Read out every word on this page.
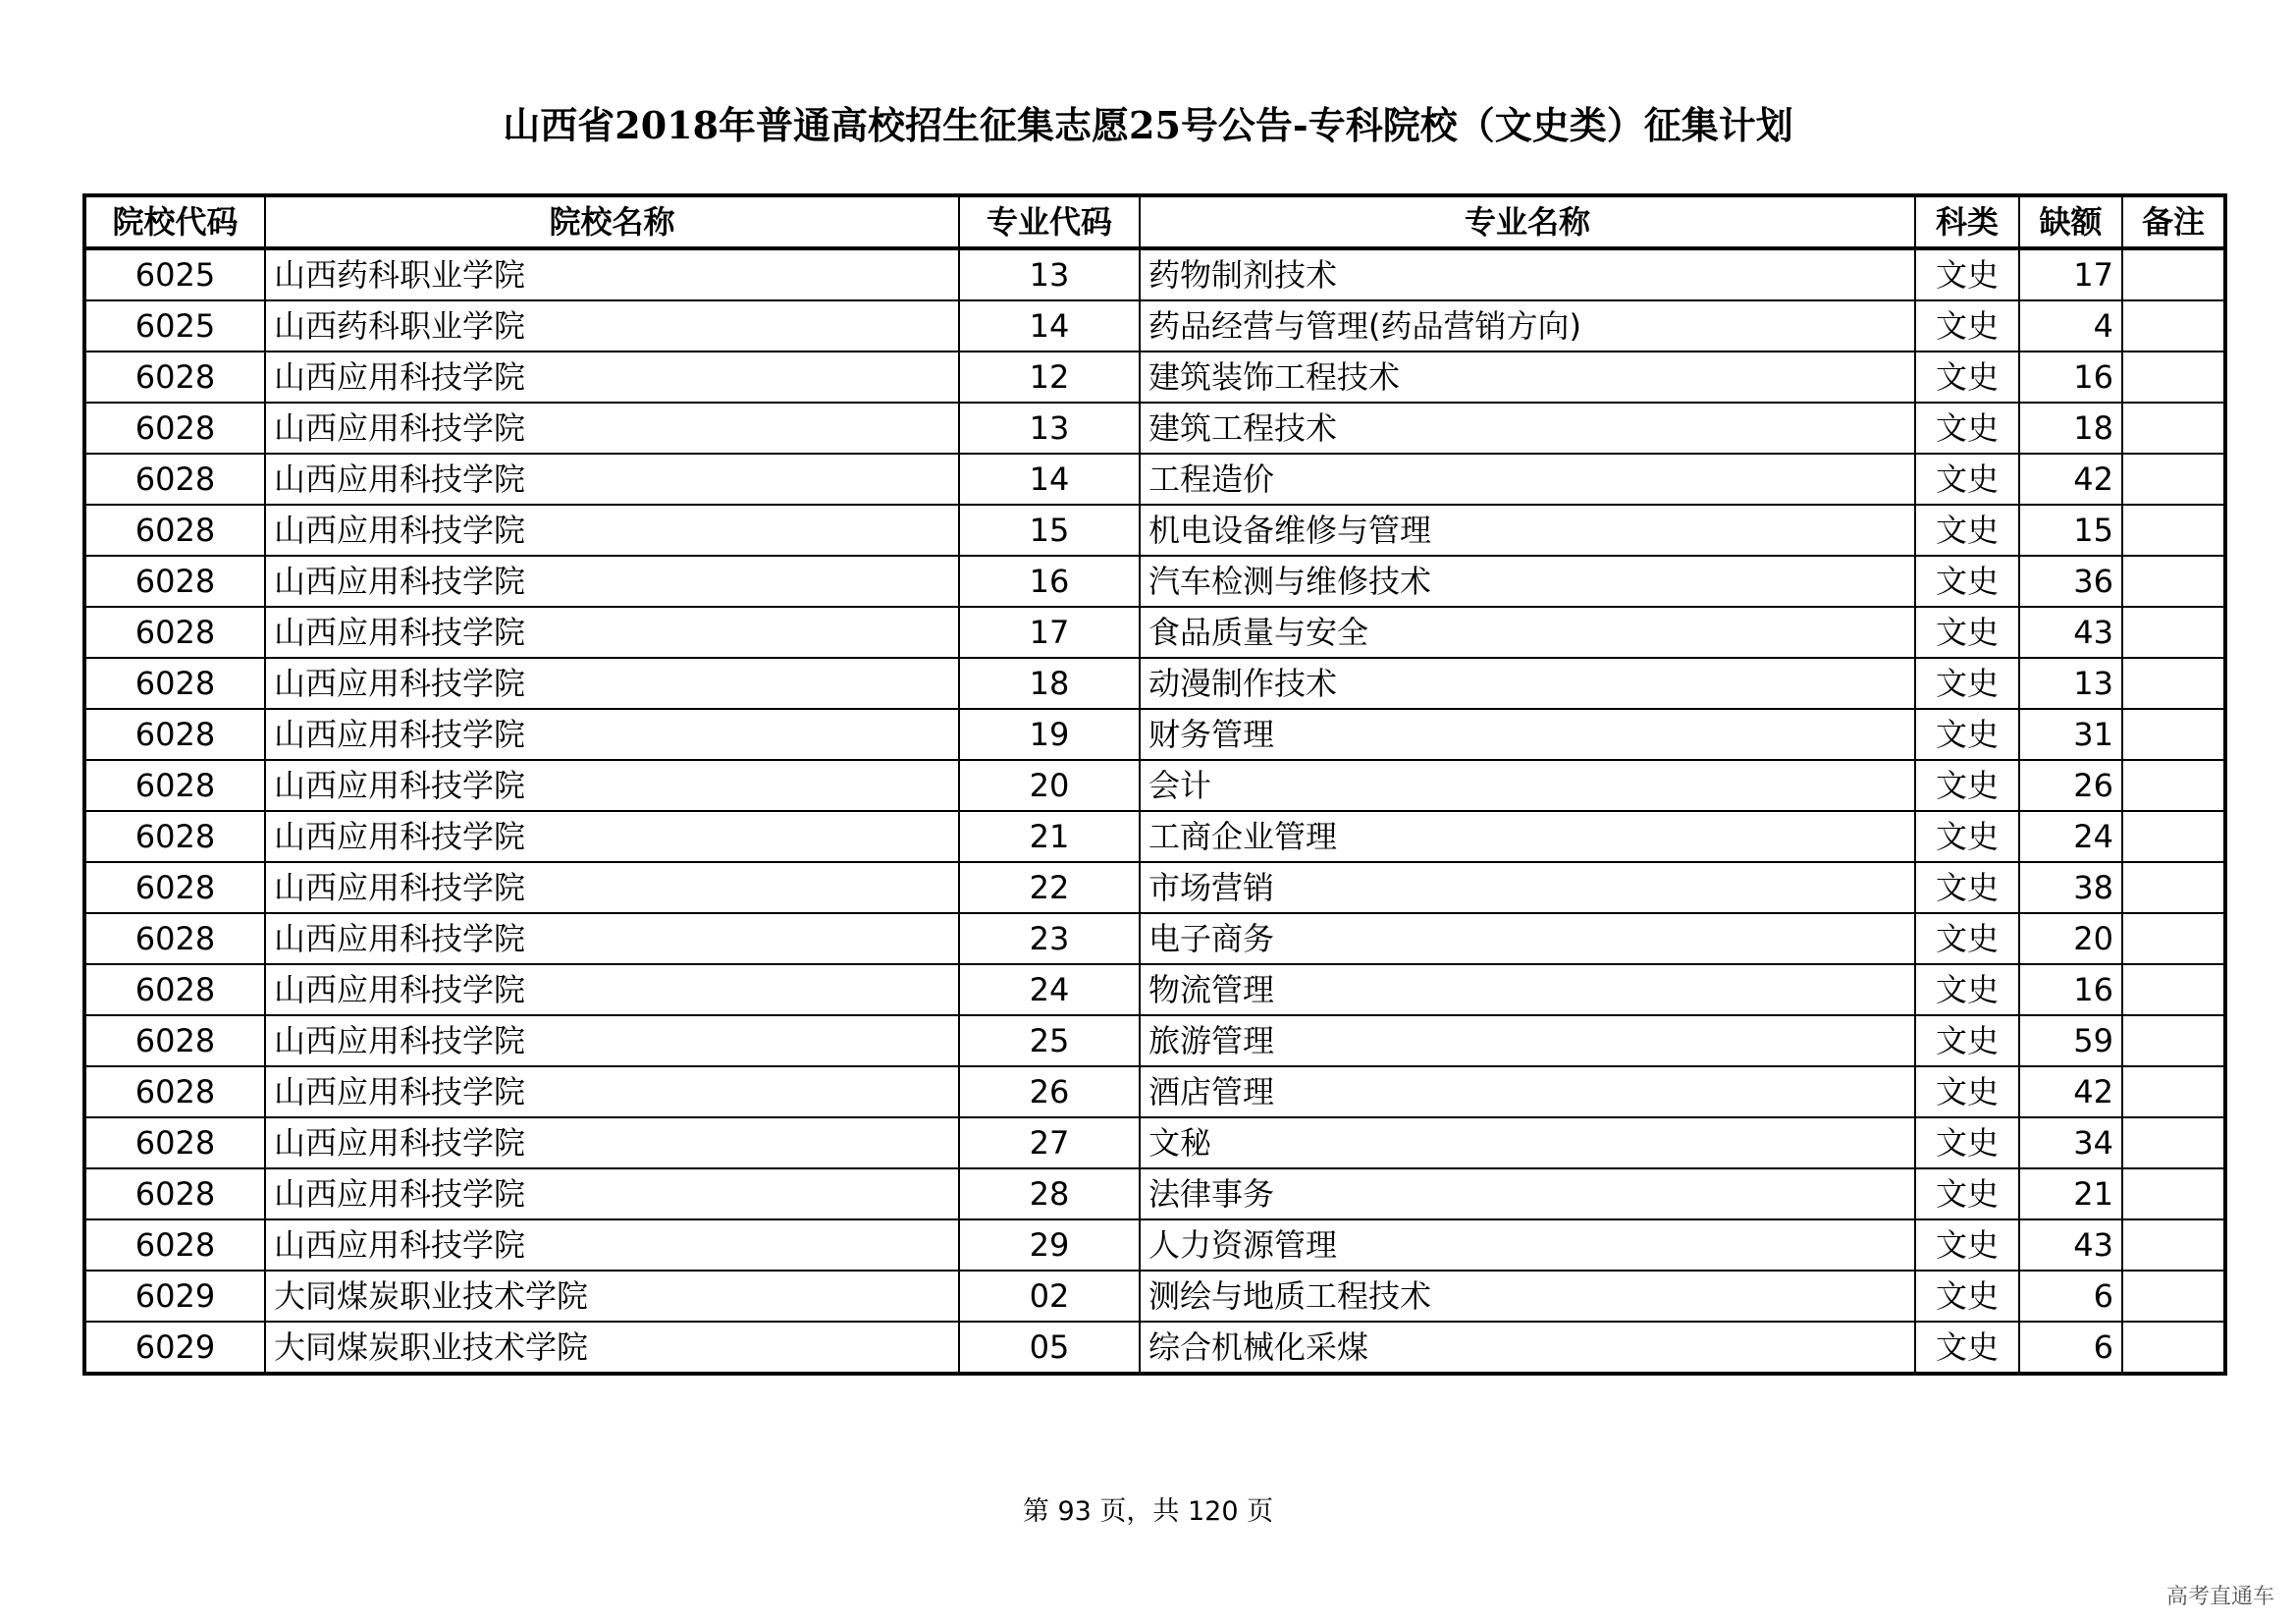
山西省2018年普通高校招生征集志愿25号公告-专科院校（文史类）征集计划
院校代码	院校名称	专业代码	专业名称	科类	缺额	备注
6025	山西药科职业学院	13	药物制剂技术	文史	17	
6025	山西药科职业学院	14	药品经营与管理(药品营销方向)	文史	4	
6028	山西应用科技学院	12	建筑装饰工程技术	文史	16	
6028	山西应用科技学院	13	建筑工程技术	文史	18	
6028	山西应用科技学院	14	工程造价	文史	42	
6028	山西应用科技学院	15	机电设备维修与管理	文史	15	
6028	山西应用科技学院	16	汽车检测与维修技术	文史	36	
6028	山西应用科技学院	17	食品质量与安全	文史	43	
6028	山西应用科技学院	18	动漫制作技术	文史	13	
6028	山西应用科技学院	19	财务管理	文史	31	
6028	山西应用科技学院	20	会计	文史	26	
6028	山西应用科技学院	21	工商企业管理	文史	24	
6028	山西应用科技学院	22	市场营销	文史	38	
6028	山西应用科技学院	23	电子商务	文史	20	
6028	山西应用科技学院	24	物流管理	文史	16	
6028	山西应用科技学院	25	旅游管理	文史	59	
6028	山西应用科技学院	26	酒店管理	文史	42	
6028	山西应用科技学院	27	文秘	文史	34	
6028	山西应用科技学院	28	法律事务	文史	21	
6028	山西应用科技学院	29	人力资源管理	文史	43	
6029	大同煤炭职业技术学院	02	测绘与地质工程技术	文史	6	
6029	大同煤炭职业技术学院	05	综合机械化采煤	文史	6	
第 93 页，共 120 页
高考直通车
